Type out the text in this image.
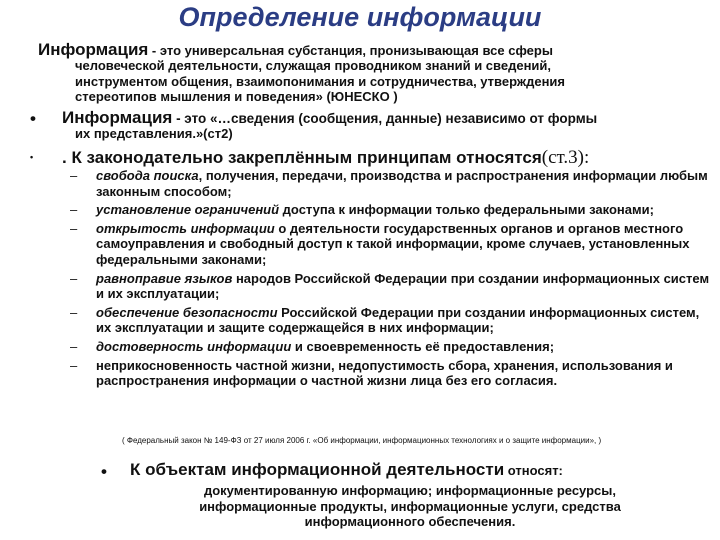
Определение информации
Информация - это универсальная субстанция, пронизывающая все сферы
человеческой деятельности, служащая проводником знаний и сведений,
инструментом общения, взаимопонимания и сотрудничества, утверждения
стереотипов мышления и поведения» (ЮНЕСКО )
• Информация - это «…сведения (сообщения, данные) независимо от формы
их представления.»(ст2)
• . К законодательно закреплённым принципам относятся(ст.3):
– свобода поиска, получения, передачи, производства и распространения информации любым законным способом;
– установление ограничений доступа к информации только федеральными законами;
– открытость информации о деятельности государственных органов и органов местного самоуправления и свободный доступ к такой информации, кроме случаев, установленных федеральными законами;
– равноправие языков народов Российской Федерации при создании информационных систем и их эксплуатации;
– обеспечение безопасности Российской Федерации при создании информационных систем, их эксплуатации и защите содержащейся в них информации;
– достоверность информации и своевременность её предоставления;
– неприкосновенность частной жизни, недопустимость сбора, хранения, использования и распространения информации о частной жизни лица без его согласия.
( Федеральный закон № 149-ФЗ от 27 июля 2006 г. «Об информации, информационных технологиях и о защите информации», )
• К объектам информационной деятельности относят:
документированную информацию; информационные ресурсы,
информационные продукты, информационные услуги, средства
информационного обеспечения.
